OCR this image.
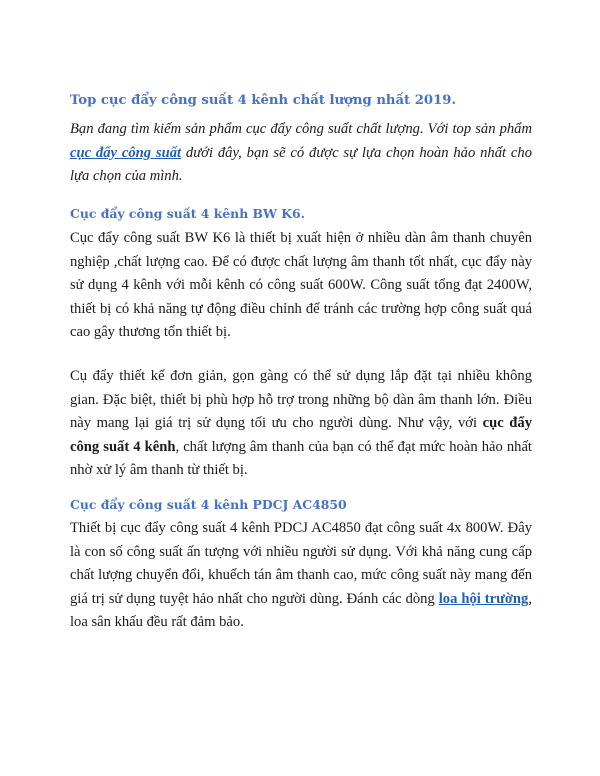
Top cục đẩy công suất 4 kênh chất lượng nhất 2019.

Bạn đang tìm kiếm sản phẩm cục đẩy công suất chất lượng. Với top sản phẩm cục đẩy công suất dưới đây, bạn sẽ có được sự lựa chọn hoàn hảo nhất cho lựa chọn của mình.

Cục đẩy công suất 4 kênh BW K6.

Cục đẩy công suất BW K6 là thiết bị xuất hiện ở nhiều dàn âm thanh chuyên nghiệp ,chất lượng cao. Để có được chất lượng âm thanh tốt nhất, cục đẩy này sử dụng 4 kênh với mỗi kênh có công suất 600W. Công suất tổng đạt 2400W, thiết bị có khả năng tự động điều chỉnh để tránh các trường hợp công suất quá cao gây thương tổn thiết bị.

Cụ đẩy thiết kế đơn giản, gọn gàng có thể sử dụng lắp đặt tại nhiều không gian. Đặc biệt, thiết bị phù hợp hỗ trợ trong những bộ dàn âm thanh lớn. Điều này mang lại giá trị sử dụng tối ưu cho người dùng. Như vậy, với cục đẩy công suất 4 kênh, chất lượng âm thanh của bạn có thể đạt mức hoàn hảo nhất nhờ xử lý âm thanh từ thiết bị.

Cục đẩy công suất 4 kênh PDCJ AC4850

Thiết bị cục đẩy công suất 4 kênh PDCJ AC4850 đạt công suất 4x 800W. Đây là con số công suất ấn tượng với nhiều người sử dụng. Với khả năng cung cấp chất lượng chuyển đổi, khuếch tán âm thanh cao, mức công suất này mang đến giá trị sử dụng tuyệt hảo nhất cho người dùng. Đánh các dòng loa hội trường, loa sân khấu đều rất đảm bảo.
